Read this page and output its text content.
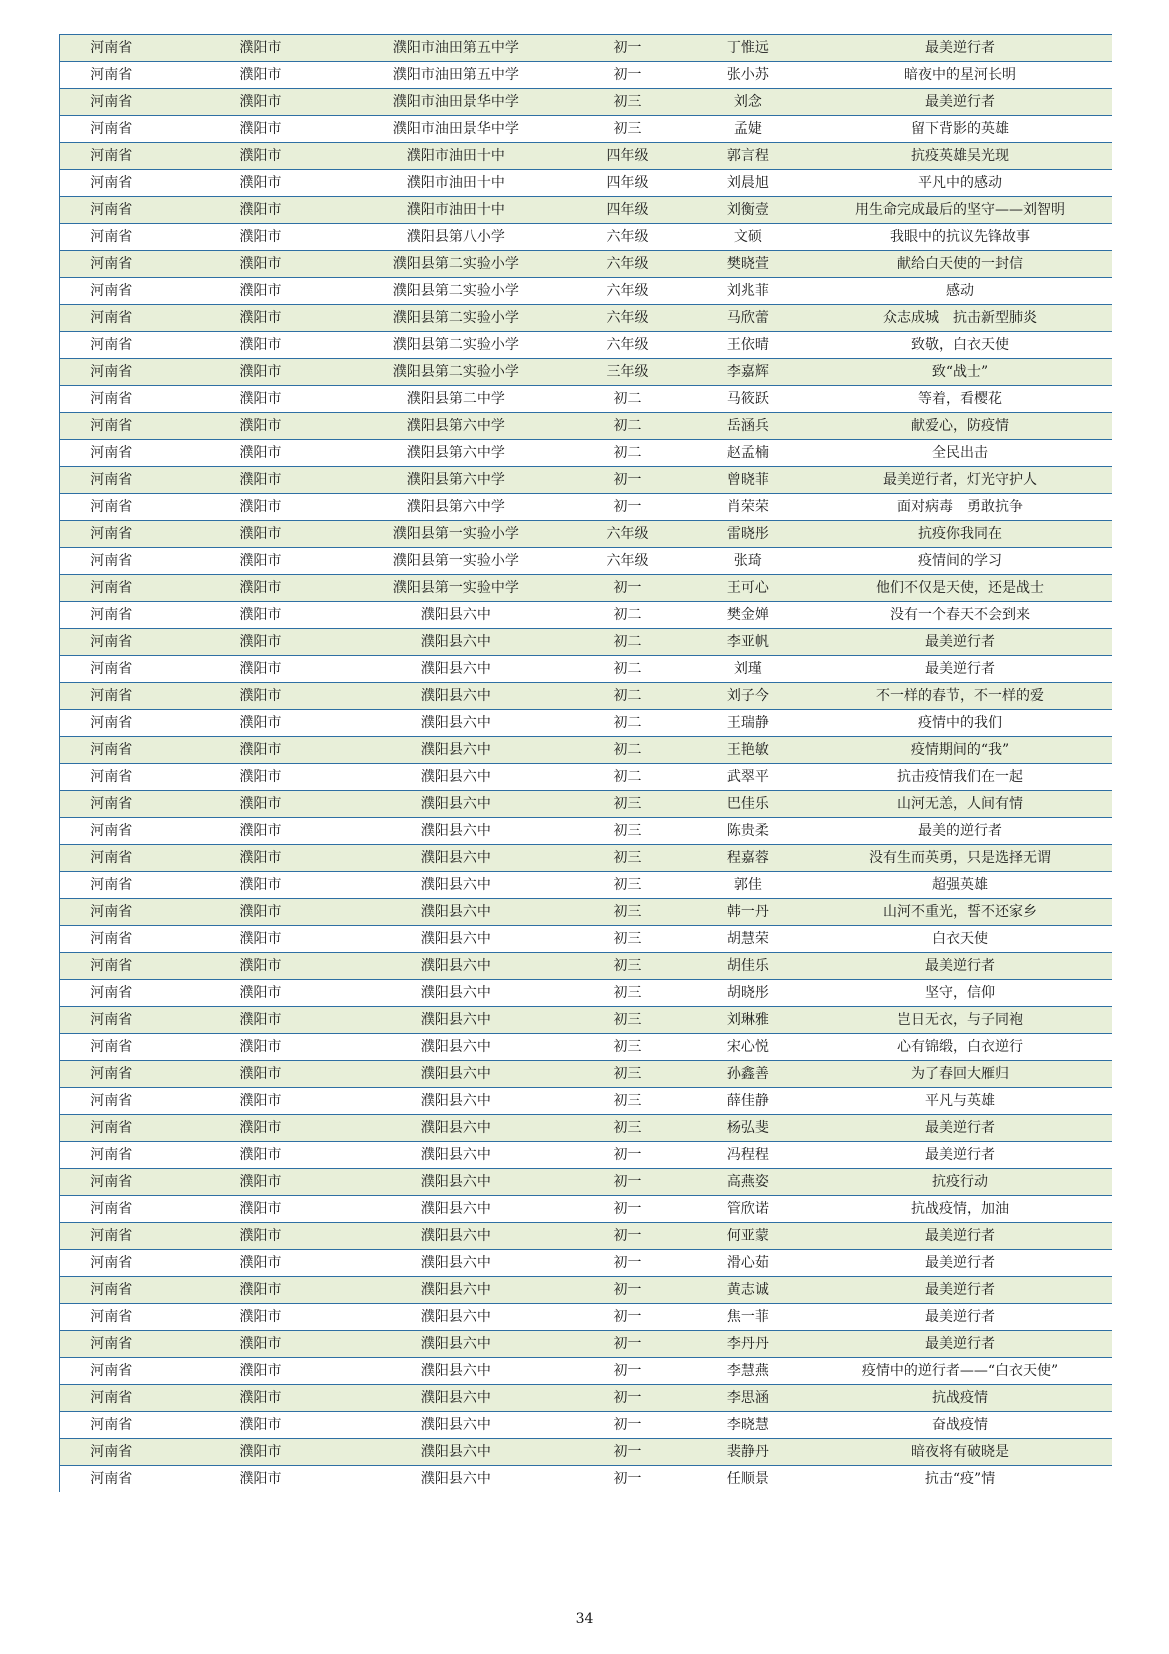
河南省	濮阳市	濮阳市油田第五中学	初一	丁惟远	最美逆行者
河南省	濮阳市	濮阳市油田第五中学	初一	张小苏	暗夜中的星河长明
河南省	濮阳市	濮阳市油田景华中学	初三	刘念	最美逆行者
河南省	濮阳市	濮阳市油田景华中学	初三	孟婕	留下背影的英雄
河南省	濮阳市	濮阳市油田十中	四年级	郭言程	抗疫英雄吴光现
河南省	濮阳市	濮阳市油田十中	四年级	刘晨旭	平凡中的感动
河南省	濮阳市	濮阳市油田十中	四年级	刘衡壹	用生命完成最后的坚守——刘智明
河南省	濮阳市	濮阳县第八小学	六年级	文硕	我眼中的抗议先锋故事
河南省	濮阳市	濮阳县第二实验小学	六年级	樊晓萱	献给白天使的一封信
河南省	濮阳市	濮阳县第二实验小学	六年级	刘兆菲	感动
河南省	濮阳市	濮阳县第二实验小学	六年级	马欣蕾	众志成城　抗击新型肺炎
河南省	濮阳市	濮阳县第二实验小学	六年级	王依晴	致敬，白衣天使
河南省	濮阳市	濮阳县第二实验小学	三年级	李嘉辉	致“战士”
河南省	濮阳市	濮阳县第二中学	初二	马筱跃	等着，看樱花
河南省	濮阳市	濮阳县第六中学	初二	岳涵兵	献爱心，防疫情
河南省	濮阳市	濮阳县第六中学	初二	赵孟楠	全民出击
河南省	濮阳市	濮阳县第六中学	初一	曾晓菲	最美逆行者，灯光守护人
河南省	濮阳市	濮阳县第六中学	初一	肖荣荣	面对病毒　勇敢抗争
河南省	濮阳市	濮阳县第一实验小学	六年级	雷晓彤	抗疫你我同在
河南省	濮阳市	濮阳县第一实验小学	六年级	张琦	疫情间的学习
河南省	濮阳市	濮阳县第一实验中学	初一	王可心	他们不仅是天使，还是战士
河南省	濮阳市	濮阳县六中	初二	樊金婵	没有一个春天不会到来
河南省	濮阳市	濮阳县六中	初二	李亚帆	最美逆行者
河南省	濮阳市	濮阳县六中	初二	刘瑾	最美逆行者
河南省	濮阳市	濮阳县六中	初二	刘子今	不一样的春节，不一样的爱
河南省	濮阳市	濮阳县六中	初二	王瑞静	疫情中的我们
河南省	濮阳市	濮阳县六中	初二	王艳敏	疫情期间的“我”
河南省	濮阳市	濮阳县六中	初二	武翠平	抗击疫情我们在一起
河南省	濮阳市	濮阳县六中	初三	巴佳乐	山河无恙，人间有情
河南省	濮阳市	濮阳县六中	初三	陈贵柔	最美的逆行者
河南省	濮阳市	濮阳县六中	初三	程嘉蓉	没有生而英勇，只是选择无谓
河南省	濮阳市	濮阳县六中	初三	郭佳	超强英雄
河南省	濮阳市	濮阳县六中	初三	韩一丹	山河不重光，誓不还家乡
河南省	濮阳市	濮阳县六中	初三	胡慧荣	白衣天使
河南省	濮阳市	濮阳县六中	初三	胡佳乐	最美逆行者
河南省	濮阳市	濮阳县六中	初三	胡晓彤	坚守，信仰
河南省	濮阳市	濮阳县六中	初三	刘琳雅	岂日无衣，与子同袍
河南省	濮阳市	濮阳县六中	初三	宋心悦	心有锦缎，白衣逆行
河南省	濮阳市	濮阳县六中	初三	孙鑫善	为了春回大雁归
河南省	濮阳市	濮阳县六中	初三	薛佳静	平凡与英雄
河南省	濮阳市	濮阳县六中	初三	杨弘斐	最美逆行者
河南省	濮阳市	濮阳县六中	初一	冯程程	最美逆行者
河南省	濮阳市	濮阳县六中	初一	高燕姿	抗疫行动
河南省	濮阳市	濮阳县六中	初一	管欣诺	抗战疫情，加油
河南省	濮阳市	濮阳县六中	初一	何亚蒙	最美逆行者
河南省	濮阳市	濮阳县六中	初一	滑心茹	最美逆行者
河南省	濮阳市	濮阳县六中	初一	黄志诚	最美逆行者
河南省	濮阳市	濮阳县六中	初一	焦一菲	最美逆行者
河南省	濮阳市	濮阳县六中	初一	李丹丹	最美逆行者
河南省	濮阳市	濮阳县六中	初一	李慧燕	疫情中的逆行者——“白衣天使”
河南省	濮阳市	濮阳县六中	初一	李思涵	抗战疫情
河南省	濮阳市	濮阳县六中	初一	李晓慧	奋战疫情
河南省	濮阳市	濮阳县六中	初一	裴静丹	暗夜将有破晓是
河南省	濮阳市	濮阳县六中	初一	任顺景	抗击“疫”情
34
